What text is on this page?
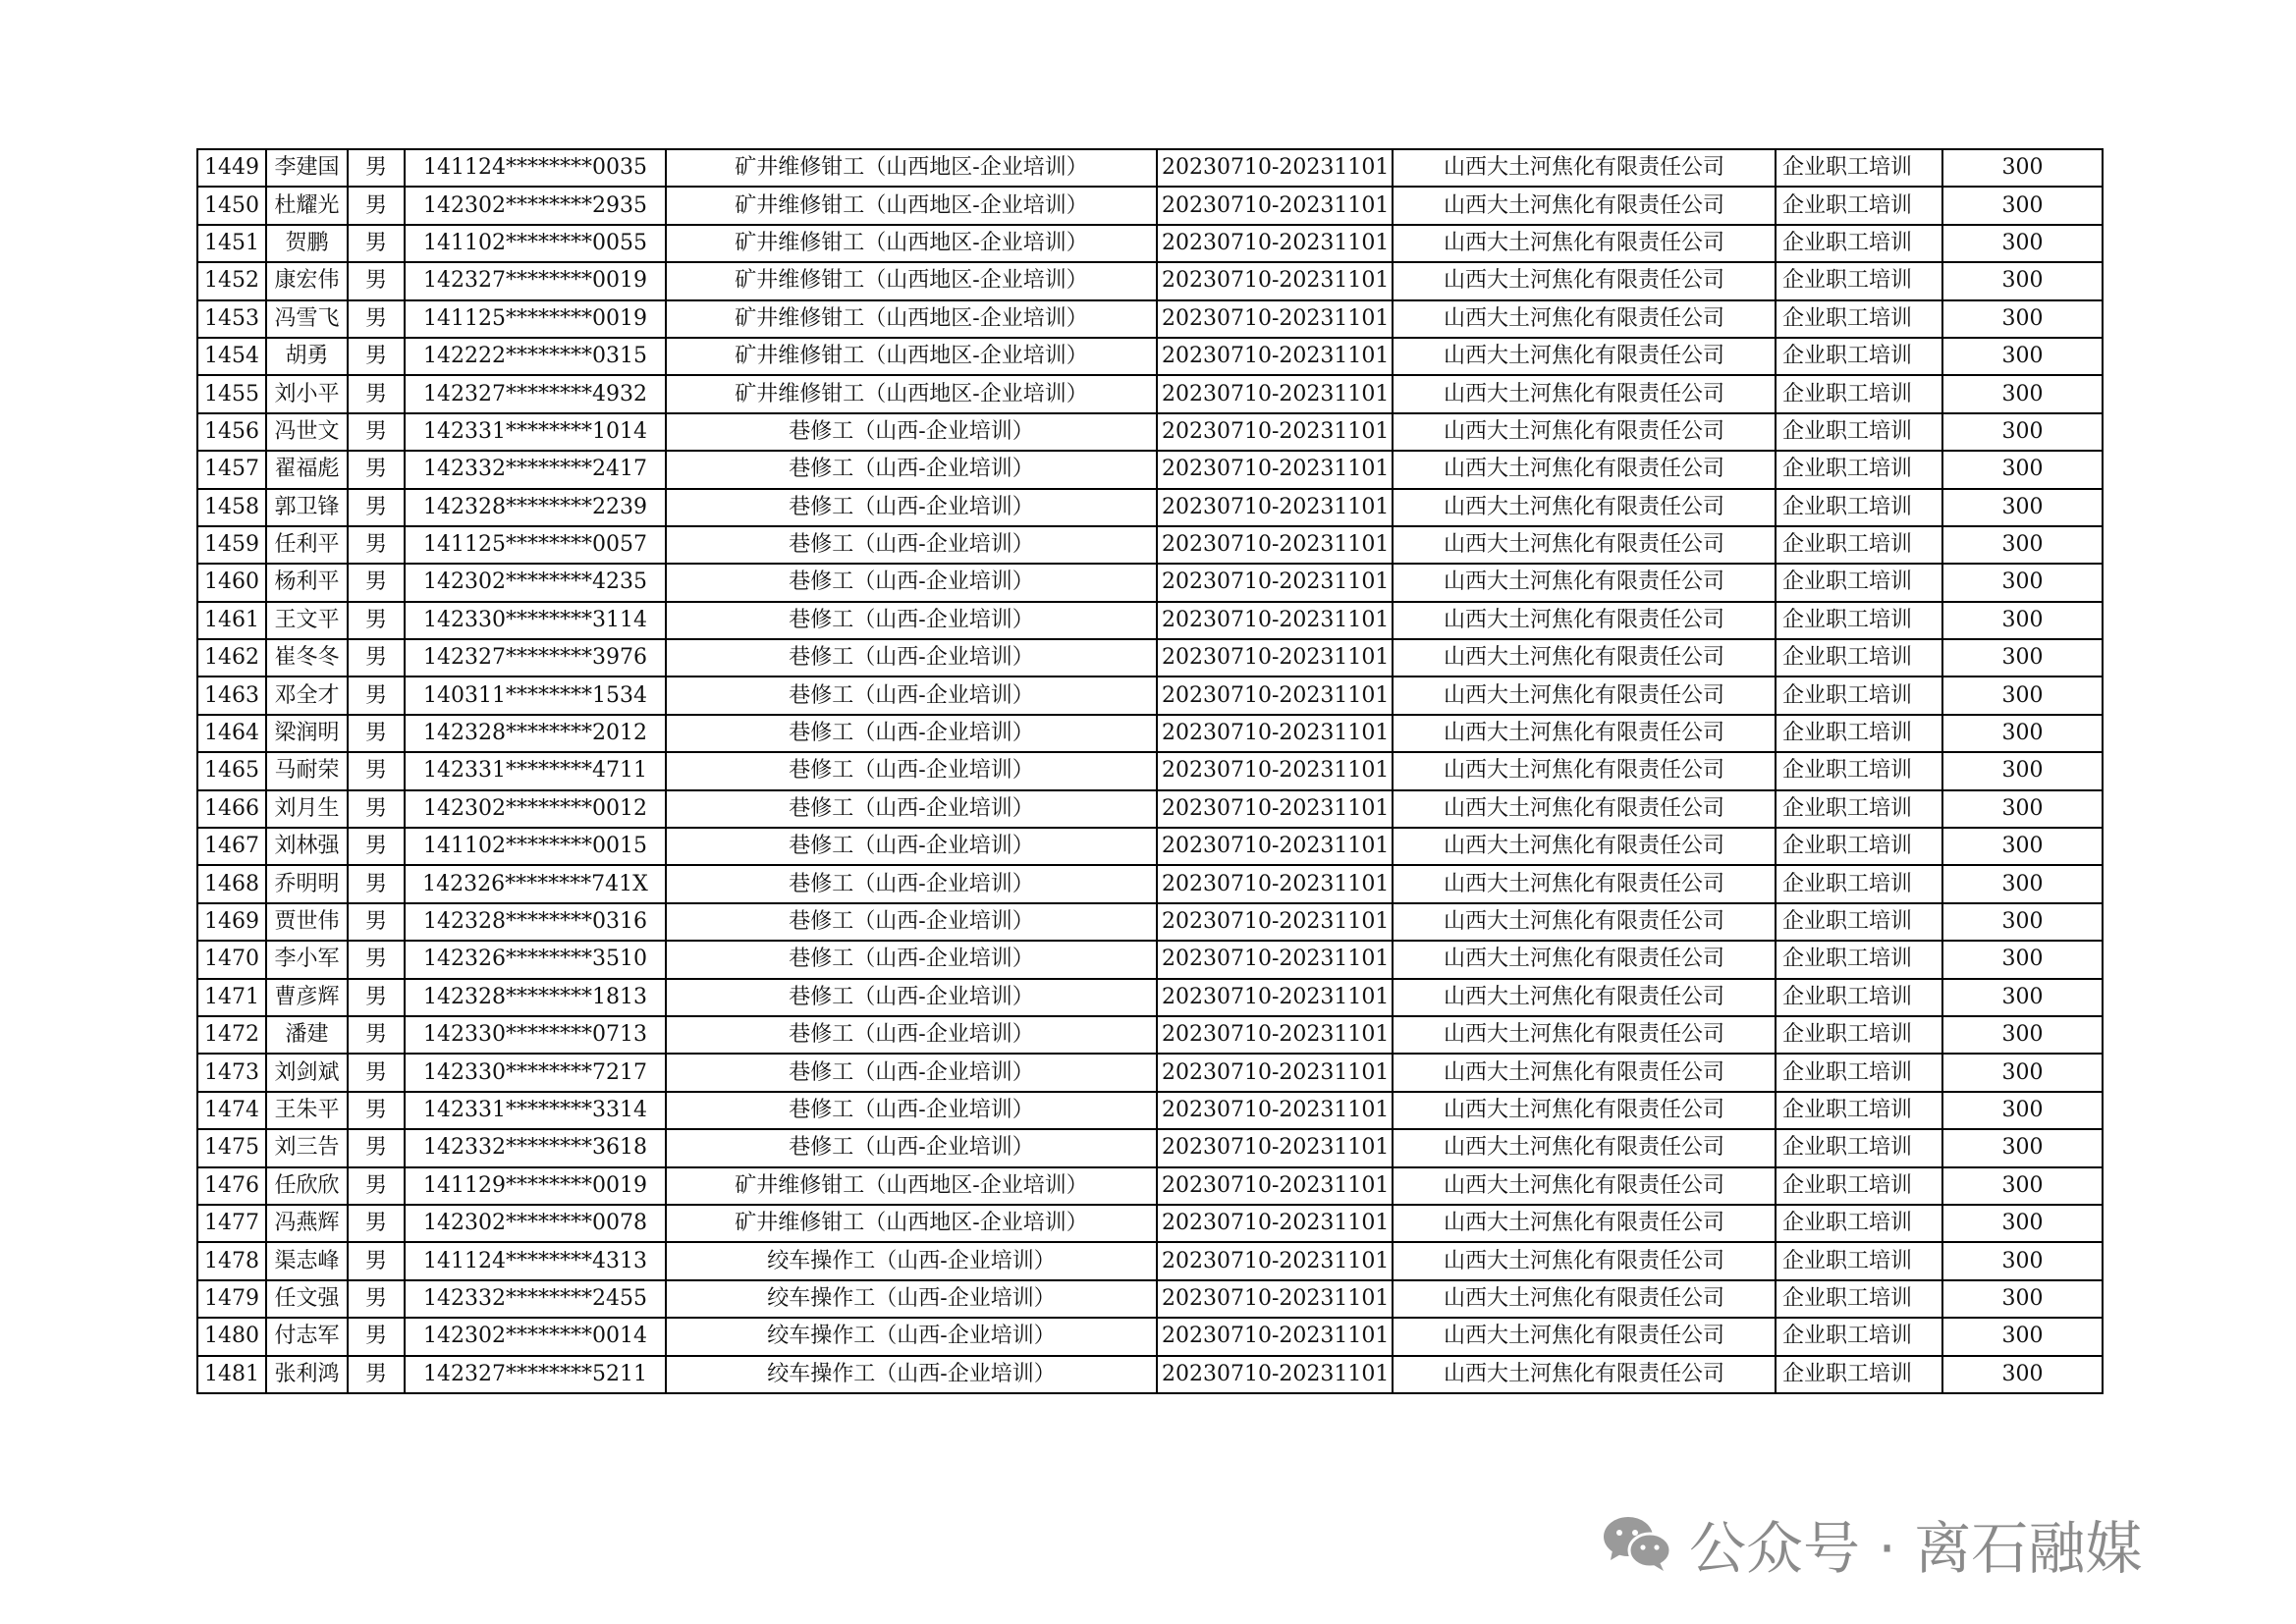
1449	李建国	男	141124********0035	矿井维修钳工（山西地区-企业培训）	20230710-20231101	山西大土河焦化有限责任公司	企业职工培训	300
1450	杜耀光	男	142302********2935	矿井维修钳工（山西地区-企业培训）	20230710-20231101	山西大土河焦化有限责任公司	企业职工培训	300
1451	贺鹏	男	141102********0055	矿井维修钳工（山西地区-企业培训）	20230710-20231101	山西大土河焦化有限责任公司	企业职工培训	300
1452	康宏伟	男	142327********0019	矿井维修钳工（山西地区-企业培训）	20230710-20231101	山西大土河焦化有限责任公司	企业职工培训	300
1453	冯雪飞	男	141125********0019	矿井维修钳工（山西地区-企业培训）	20230710-20231101	山西大土河焦化有限责任公司	企业职工培训	300
1454	胡勇	男	142222********0315	矿井维修钳工（山西地区-企业培训）	20230710-20231101	山西大土河焦化有限责任公司	企业职工培训	300
1455	刘小平	男	142327********4932	矿井维修钳工（山西地区-企业培训）	20230710-20231101	山西大土河焦化有限责任公司	企业职工培训	300
1456	冯世文	男	142331********1014	巷修工（山西-企业培训）	20230710-20231101	山西大土河焦化有限责任公司	企业职工培训	300
1457	翟福彪	男	142332********2417	巷修工（山西-企业培训）	20230710-20231101	山西大土河焦化有限责任公司	企业职工培训	300
1458	郭卫锋	男	142328********2239	巷修工（山西-企业培训）	20230710-20231101	山西大土河焦化有限责任公司	企业职工培训	300
1459	任利平	男	141125********0057	巷修工（山西-企业培训）	20230710-20231101	山西大土河焦化有限责任公司	企业职工培训	300
1460	杨利平	男	142302********4235	巷修工（山西-企业培训）	20230710-20231101	山西大土河焦化有限责任公司	企业职工培训	300
1461	王文平	男	142330********3114	巷修工（山西-企业培训）	20230710-20231101	山西大土河焦化有限责任公司	企业职工培训	300
1462	崔冬冬	男	142327********3976	巷修工（山西-企业培训）	20230710-20231101	山西大土河焦化有限责任公司	企业职工培训	300
1463	邓全才	男	140311********1534	巷修工（山西-企业培训）	20230710-20231101	山西大土河焦化有限责任公司	企业职工培训	300
1464	梁润明	男	142328********2012	巷修工（山西-企业培训）	20230710-20231101	山西大土河焦化有限责任公司	企业职工培训	300
1465	马耐荣	男	142331********4711	巷修工（山西-企业培训）	20230710-20231101	山西大土河焦化有限责任公司	企业职工培训	300
1466	刘月生	男	142302********0012	巷修工（山西-企业培训）	20230710-20231101	山西大土河焦化有限责任公司	企业职工培训	300
1467	刘林强	男	141102********0015	巷修工（山西-企业培训）	20230710-20231101	山西大土河焦化有限责任公司	企业职工培训	300
1468	乔明明	男	142326********741X	巷修工（山西-企业培训）	20230710-20231101	山西大土河焦化有限责任公司	企业职工培训	300
1469	贾世伟	男	142328********0316	巷修工（山西-企业培训）	20230710-20231101	山西大土河焦化有限责任公司	企业职工培训	300
1470	李小军	男	142326********3510	巷修工（山西-企业培训）	20230710-20231101	山西大土河焦化有限责任公司	企业职工培训	300
1471	曹彦辉	男	142328********1813	巷修工（山西-企业培训）	20230710-20231101	山西大土河焦化有限责任公司	企业职工培训	300
1472	潘建	男	142330********0713	巷修工（山西-企业培训）	20230710-20231101	山西大土河焦化有限责任公司	企业职工培训	300
1473	刘剑斌	男	142330********7217	巷修工（山西-企业培训）	20230710-20231101	山西大土河焦化有限责任公司	企业职工培训	300
1474	王朱平	男	142331********3314	巷修工（山西-企业培训）	20230710-20231101	山西大土河焦化有限责任公司	企业职工培训	300
1475	刘三告	男	142332********3618	巷修工（山西-企业培训）	20230710-20231101	山西大土河焦化有限责任公司	企业职工培训	300
1476	任欣欣	男	141129********0019	矿井维修钳工（山西地区-企业培训）	20230710-20231101	山西大土河焦化有限责任公司	企业职工培训	300
1477	冯燕辉	男	142302********0078	矿井维修钳工（山西地区-企业培训）	20230710-20231101	山西大土河焦化有限责任公司	企业职工培训	300
1478	渠志峰	男	141124********4313	绞车操作工（山西-企业培训）	20230710-20231101	山西大土河焦化有限责任公司	企业职工培训	300
1479	任文强	男	142332********2455	绞车操作工（山西-企业培训）	20230710-20231101	山西大土河焦化有限责任公司	企业职工培训	300
1480	付志军	男	142302********0014	绞车操作工（山西-企业培训）	20230710-20231101	山西大土河焦化有限责任公司	企业职工培训	300
1481	张利鸿	男	142327********5211	绞车操作工（山西-企业培训）	20230710-20231101	山西大土河焦化有限责任公司	企业职工培训	300
公众号 · 离石融媒
